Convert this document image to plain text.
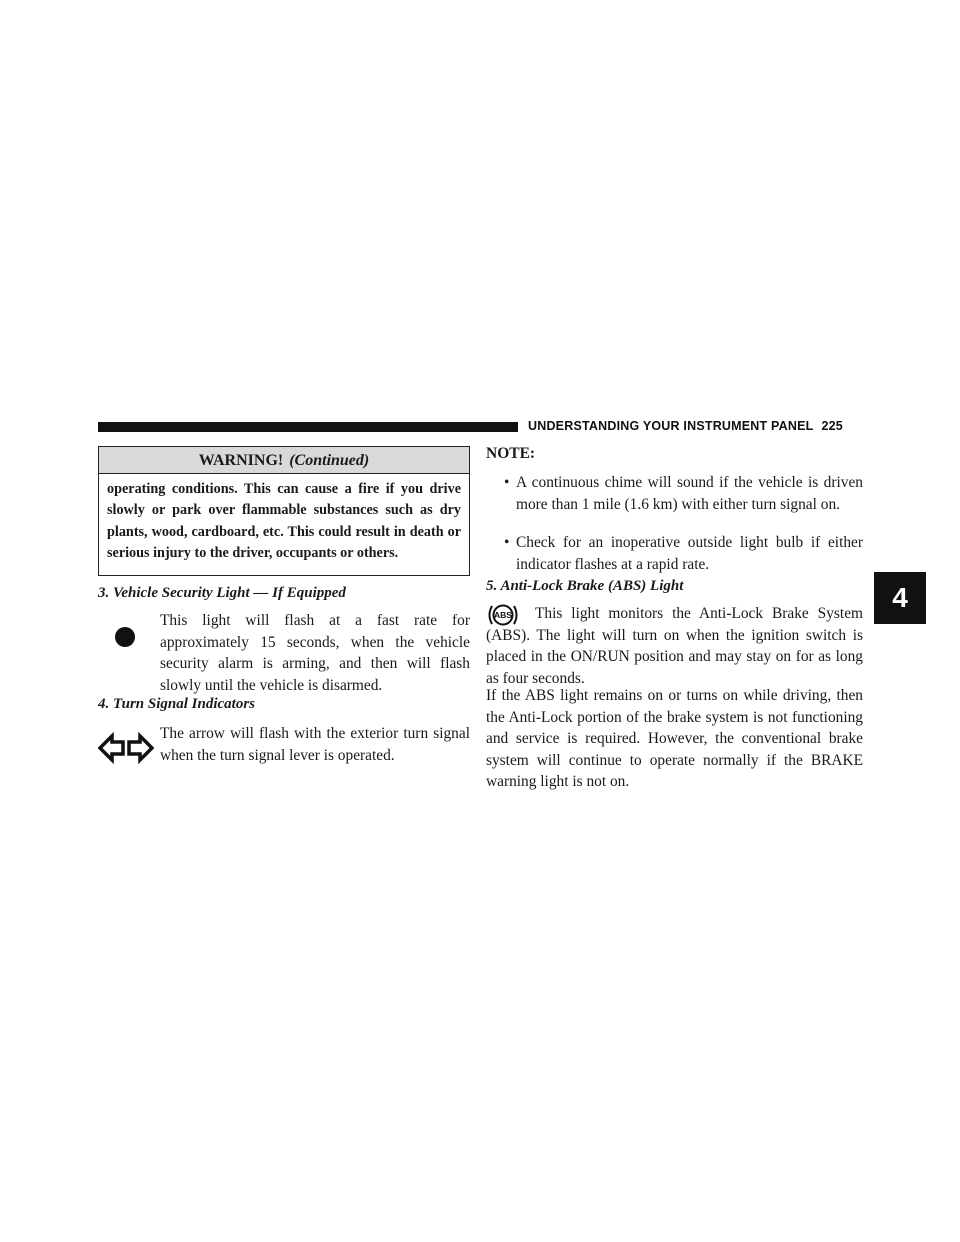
UNDERSTANDING YOUR INSTRUMENT PANEL 225
4
WARNING! (Continued)
operating conditions. This can cause a fire if you drive slowly or park over flammable substances such as dry plants, wood, cardboard, etc. This could result in death or serious injury to the driver, occupants or others.
3. Vehicle Security Light — If Equipped
This light will flash at a fast rate for approximately 15 seconds, when the vehicle security alarm is arming, and then will flash slowly until the vehicle is disarmed.
4. Turn Signal Indicators
The arrow will flash with the exterior turn signal when the turn signal lever is operated.
NOTE:
• A continuous chime will sound if the vehicle is driven more than 1 mile (1.6 km) with either turn signal on.
• Check for an inoperative outside light bulb if either indicator flashes at a rapid rate.
5. Anti-Lock Brake (ABS) Light
ABS	This light monitors the Anti-Lock Brake System (ABS). The light will turn on when the ignition switch is placed in the ON/RUN position and may stay on for as long as four seconds.
If the ABS light remains on or turns on while driving, then the Anti-Lock portion of the brake system is not functioning and service is required. However, the conventional brake system will continue to operate normally if the BRAKE warning light is not on.
